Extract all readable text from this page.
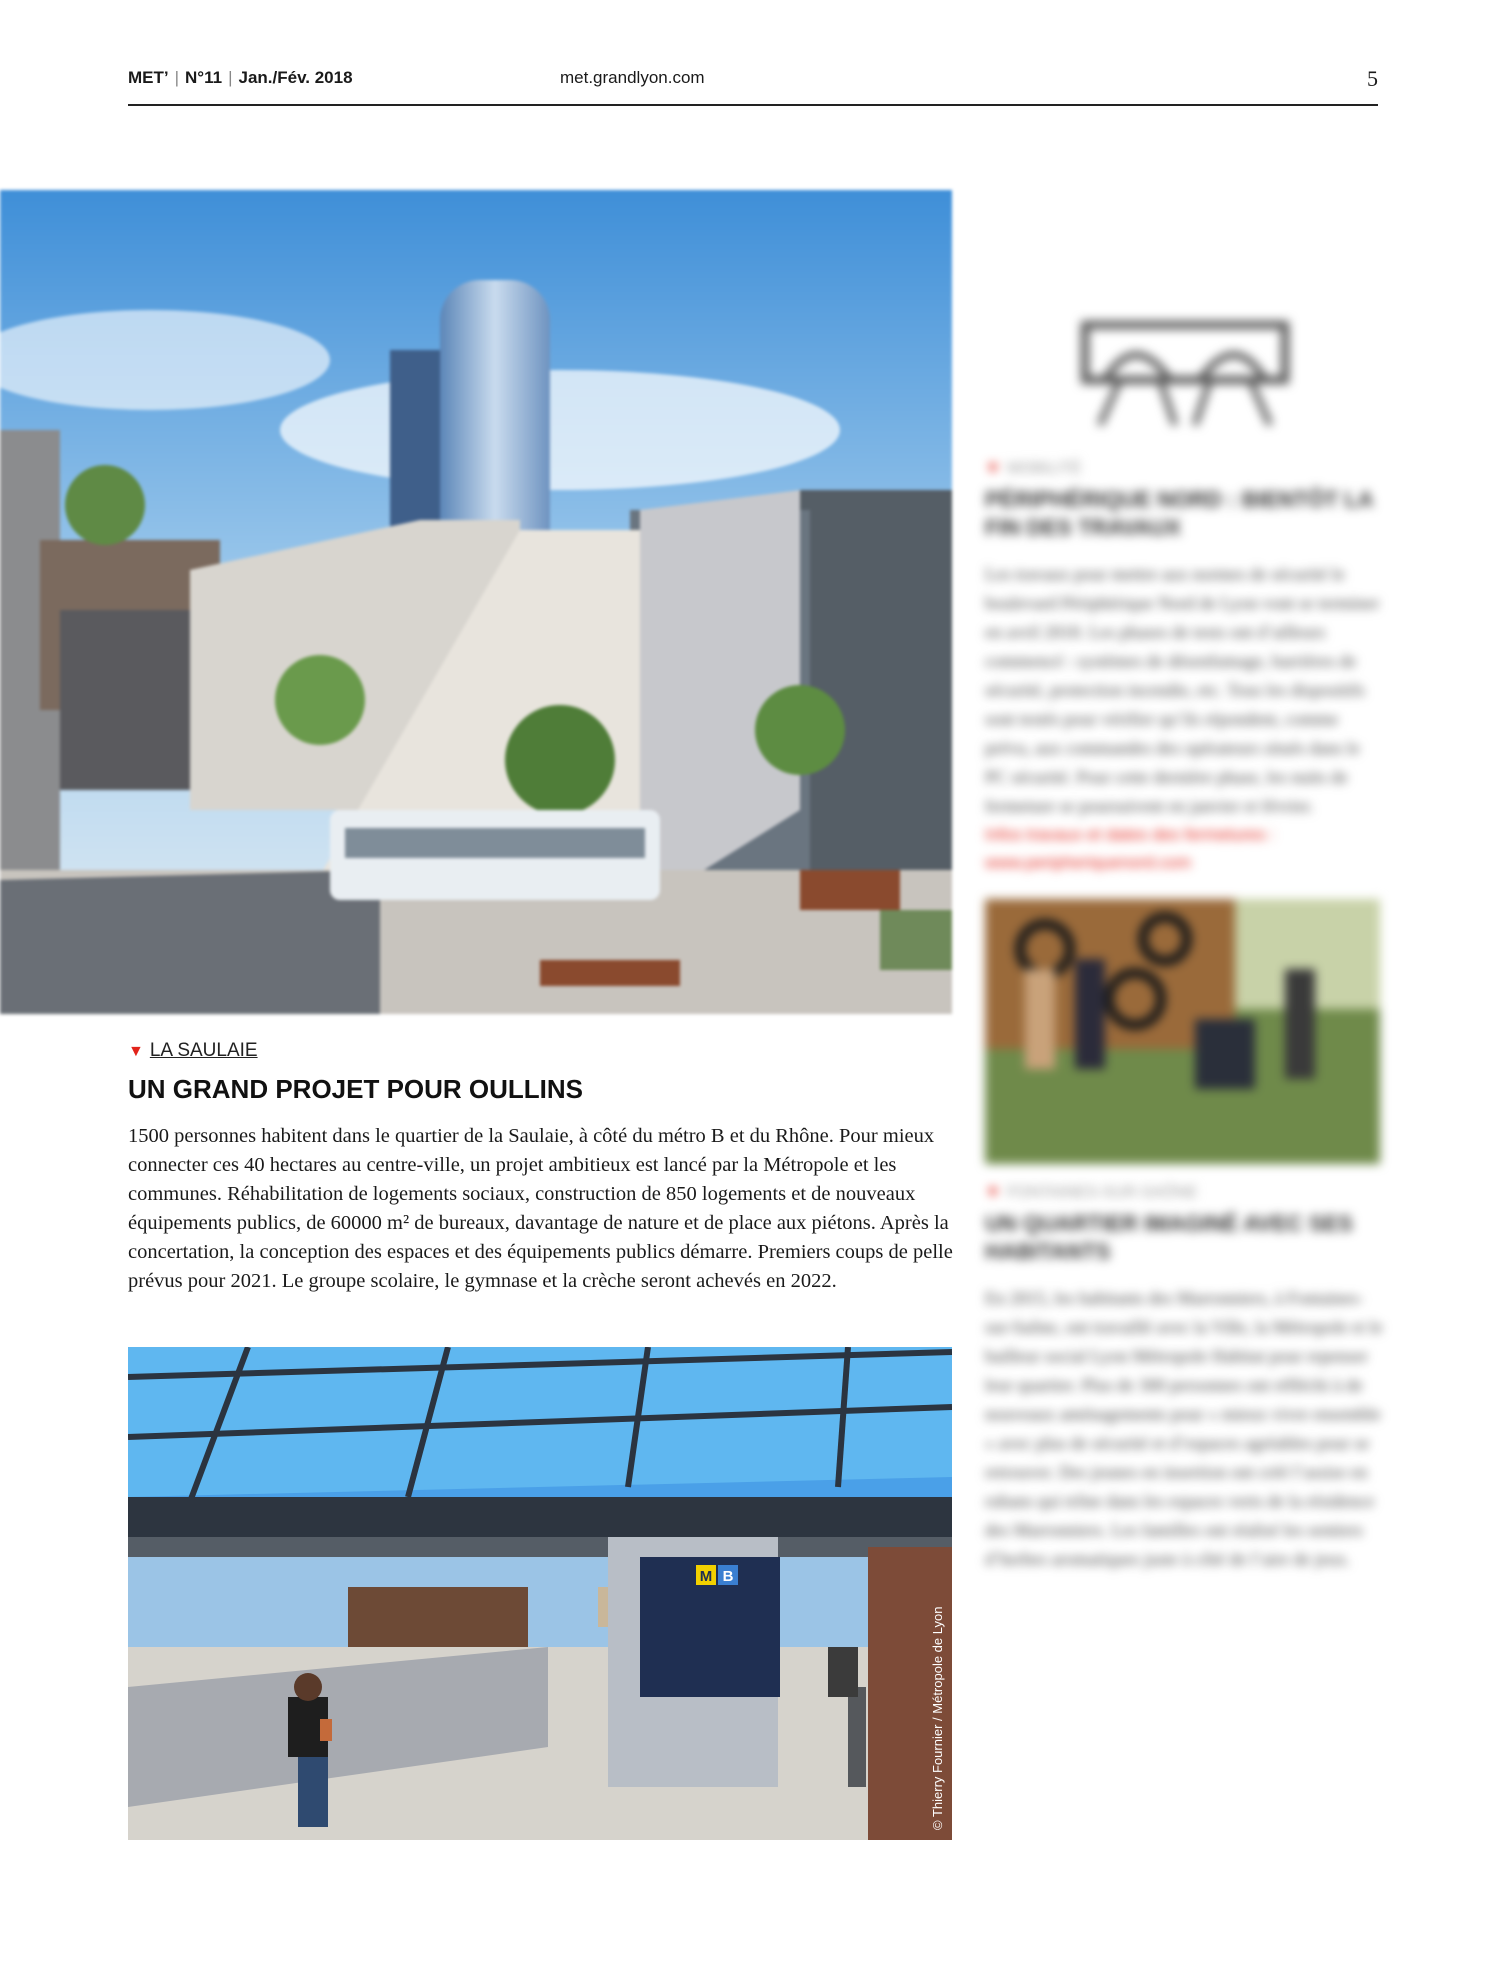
MET’ | N°11 | Jan./Fév. 2018	met.grandlyon.com	5
▼ LA SAULAIE
UN GRAND PROJET POUR OULLINS

1500 personnes habitent dans le quartier de la Saulaie, à côté du métro B et du Rhône. Pour mieux connecter ces 40 hectares au centre-ville, un projet ambitieux est lancé par la Métropole et les communes. Réhabilitation de logements sociaux, construction de 850 logements et de nouveaux équipements publics, de 60000 m² de bureaux, davantage de nature et de place aux piétons. Après la concertation, la conception des espaces et des équipements publics démarre. Premiers coups de pelle prévus pour 2021. Le groupe scolaire, le gymnase et la crèche seront achevés en 2022.

M B
© Thierry Fournier / Métropole de Lyon
▼ MOBILITÉ
PÉRIPHÉRIQUE NORD : BIENTÔT LA FIN DES TRAVAUX

Les travaux pour mettre aux normes de sécurité le boulevard Périphérique Nord de Lyon vont se terminer en avril 2018. Les phases de tests ont d’ailleurs commencé : systèmes de désenfumage, barrières de sécurité, protection incendie, etc. Tous les dispositifs sont testés pour vérifier qu’ils répondent, comme prévu, aux commandes des opérateurs situés dans le PC sécurité. Pour cette dernière phase, les nuits de fermeture se poursuivent en janvier et février.

Infos travaux et dates des fermetures : www.peripheriquenord.com

▼ FONTAINES-SUR-SAÔNE
UN QUARTIER IMAGINÉ AVEC SES HABITANTS

En 2015, les habitants des Marronniers, à Fontaines-sur-Saône, ont travaillé avec la Ville, la Métropole et le bailleur social Lyon Métropole Habitat pour repenser leur quartier. Plus de 300 personnes ont réfléchi à de nouveaux aménagements pour « mieux vivre ensemble » avec plus de sécurité et d’espaces agréables pour se retrouver. Des jeunes en insertion ont créé l’assise en rubans qui trône dans les espaces verts de la résidence des Marronniers. Les familles ont réalisé les sentiers d’herbes aromatiques juste à côté de l’aire de jeux.
